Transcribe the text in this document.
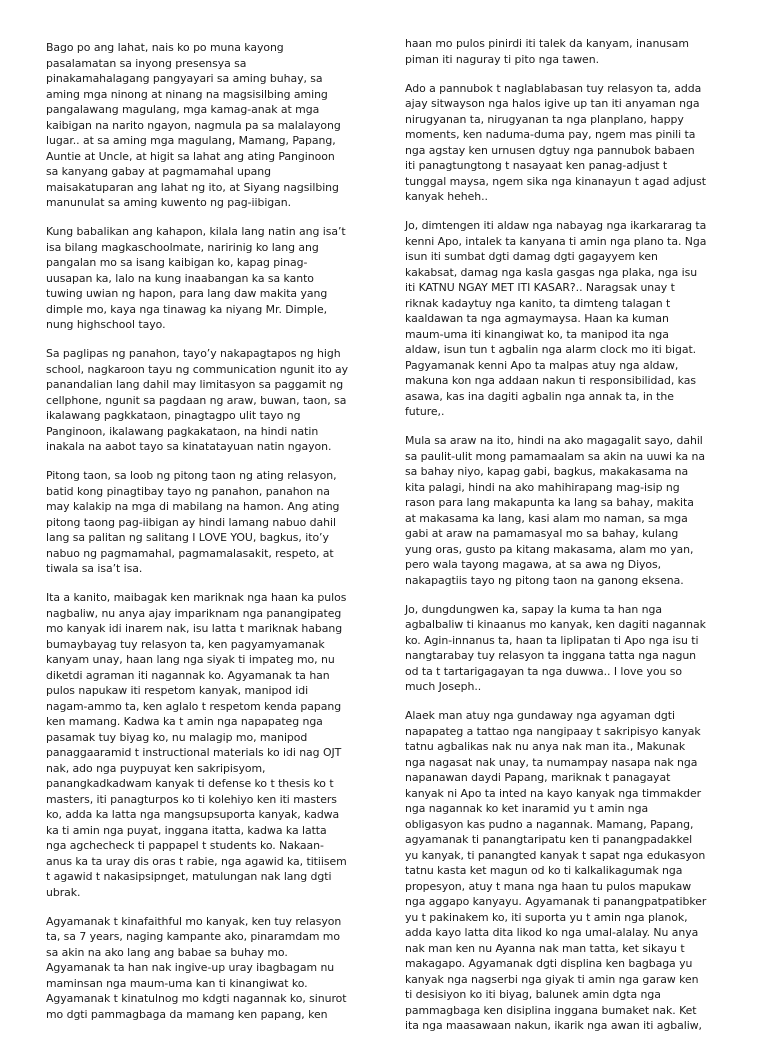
Bago po ang lahat, nais ko po muna kayong
pasalamatan sa inyong presensya sa
pinakamahalagang pangyayari sa aming buhay, sa
aming mga ninong at ninang na magsisilbing aming
pangalawang magulang, mga kamag-anak at mga
kaibigan na narito ngayon, nagmula pa sa malalayong
lugar.. at sa aming mga magulang, Mamang, Papang,
Auntie at Uncle, at higit sa lahat ang ating Panginoon
sa kanyang gabay at pagmamahal upang
maisakatuparan ang lahat ng ito, at Siyang nagsilbing
manunulat sa aming kuwento ng pag-iibigan.

Kung babalikan ang kahapon, kilala lang natin ang isa’t
isa bilang magkaschoolmate, naririnig ko lang ang
pangalan mo sa isang kaibigan ko, kapag pinag-
uusapan ka, lalo na kung inaabangan ka sa kanto
tuwing uwian ng hapon, para lang daw makita yang
dimple mo, kaya nga tinawag ka niyang Mr. Dimple,
nung highschool tayo.

Sa paglipas ng panahon, tayo’y nakapagtapos ng high
school, nagkaroon tayu ng communication ngunit ito ay
panandalian lang dahil may limitasyon sa paggamit ng
cellphone, ngunit sa pagdaan ng araw, buwan, taon, sa
ikalawang pagkkataon, pinagtagpo ulit tayo ng
Panginoon, ikalawang pagkakataon, na hindi natin
inakala na aabot tayo sa kinatatayuan natin ngayon.

Pitong taon, sa loob ng pitong taon ng ating relasyon,
batid kong pinagtibay tayo ng panahon, panahon na
may kalakip na mga di mabilang na hamon. Ang ating
pitong taong pag-iibigan ay hindi lamang nabuo dahil
lang sa palitan ng salitang I LOVE YOU, bagkus, ito’y
nabuo ng pagmamahal, pagmamalasakit, respeto, at
tiwala sa isa’t isa.

Ita a kanito, maibagak ken mariknak nga haan ka pulos
nagbaliw, nu anya ajay impariknam nga panangipateg
mo kanyak idi inarem nak, isu latta t mariknak habang
bumaybayag tuy relasyon ta, ken pagyamyamanak
kanyam unay, haan lang nga siyak ti impateg mo, nu
diketdi agraman iti nagannak ko. Agyamanak ta han
pulos napukaw iti respetom kanyak, manipod idi
nagam-ammo ta, ken aglalo t respetom kenda papang
ken mamang. Kadwa ka t amin nga napapateg nga
pasamak tuy biyag ko, nu malagip mo, manipod
panaggaaramid t instructional materials ko idi nag OJT
nak, ado nga puypuyat ken sakripisyom,
panangkadkadwam kanyak ti defense ko t thesis ko t
masters, iti panagturpos ko ti kolehiyo ken iti masters
ko, adda ka latta nga mangsupsuporta kanyak, kadwa
ka ti amin nga puyat, inggana itatta, kadwa ka latta
nga agchecheck ti pappapel t students ko. Nakaan-
anus ka ta uray dis oras t rabie, nga agawid ka, titiisem
t agawid t nakasipsipnget, matulungan nak lang dgti
ubrak.

Agyamanak t kinafaithful mo kanyak, ken tuy relasyon
ta, sa 7 years, naging kampante ako, pinaramdam mo
sa akin na ako lang ang babae sa buhay mo.
Agyamanak ta han nak ingive-up uray ibagbagam nu
maminsan nga maum-uma kan ti kinangiwat ko.
Agyamanak t kinatulnog mo kdgti nagannak ko, sinurot
mo dgti pammagbaga da mamang ken papang, ken

haan mo pulos pinirdi iti talek da kanyam, inanusam
piman iti naguray ti pito nga tawen.

Ado a pannubok t naglablabasan tuy relasyon ta, adda
ajay sitwayson nga halos igive up tan iti anyaman nga
nirugyanan ta, nirugyanan ta nga planplano, happy
moments, ken naduma-duma pay, ngem mas pinili ta
nga agstay ken urnusen dgtuy nga pannubok babaen
iti panagtungtong t nasayaat ken panag-adjust t
tunggal maysa, ngem sika nga kinanayun t agad adjust
kanyak heheh..

Jo, dimtengen iti aldaw nga nabayag nga ikarkararag ta
kenni Apo, intalek ta kanyana ti amin nga plano ta. Nga
isun iti sumbat dgti damag dgti gagayyem ken
kakabsat, damag nga kasla gasgas nga plaka, nga isu
iti KATNU NGAY MET ITI KASAR?.. Naragsak unay t
riknak kadaytuy nga kanito, ta dimteng talagan t
kaaldawan ta nga agmaymaysa. Haan ka kuman
maum-uma iti kinangiwat ko, ta manipod ita nga
aldaw, isun tun t agbalin nga alarm clock mo iti bigat.
Pagyamanak kenni Apo ta malpas atuy nga aldaw,
makuna kon nga addaan nakun ti responsibilidad, kas
asawa, kas ina dagiti agbalin nga annak ta, in the
future,.

Mula sa araw na ito, hindi na ako magagalit sayo, dahil
sa paulit-ulit mong pamamaalam sa akin na uuwi ka na
sa bahay niyo, kapag gabi, bagkus, makakasama na
kita palagi, hindi na ako mahihirapang mag-isip ng
rason para lang makapunta ka lang sa bahay, makita
at makasama ka lang, kasi alam mo naman, sa mga
gabi at araw na pamamasyal mo sa bahay, kulang
yung oras, gusto pa kitang makasama, alam mo yan,
pero wala tayong magawa, at sa awa ng Diyos,
nakapagtiis tayo ng pitong taon na ganong eksena.

Jo, dungdungwen ka, sapay la kuma ta han nga
agbalbaliw ti kinaanus mo kanyak, ken dagiti nagannak
ko. Agin-innanus ta, haan ta liplipatan ti Apo nga isu ti
nangtarabay tuy relasyon ta inggana tatta nga nagun
od ta t tartarigagayan ta nga duwwa.. I love you so
much Joseph..

Alaek man atuy nga gundaway nga agyaman dgti
napapateg a tattao nga nangipaay t sakripisyo kanyak
tatnu agbalikas nak nu anya nak man ita., Makunak
nga nagasat nak unay, ta numampay nasapa nak nga
napanawan daydi Papang, mariknak t panagayat
kanyak ni Apo ta inted na kayo kanyak nga timmakder
nga nagannak ko ket inaramid yu t amin nga
obligasyon kas pudno a nagannak. Mamang, Papang,
agyamanak ti panangtaripatu ken ti panangpadakkel
yu kanyak, ti panangted kanyak t sapat nga edukasyon
tatnu kasta ket magun od ko ti kalkalikagumak nga
propesyon, atuy t mana nga haan tu pulos mapukaw
nga aggapo kanyayu. Agyamanak ti panangpatpatibker
yu t pakinakem ko, iti suporta yu t amin nga planok,
adda kayo latta dita likod ko nga umal-alalay. Nu anya
nak man ken nu Ayanna nak man tatta, ket sikayu t
makagapo. Agyamanak dgti displina ken bagbaga yu
kanyak nga nagserbi nga giyak ti amin nga garaw ken
ti desisiyon ko iti biyag, balunek amin dgta nga
pammagbaga ken disiplina inggana bumaket nak. Ket
ita nga maasawaan nakun, ikarik nga awan iti agbaliw,
